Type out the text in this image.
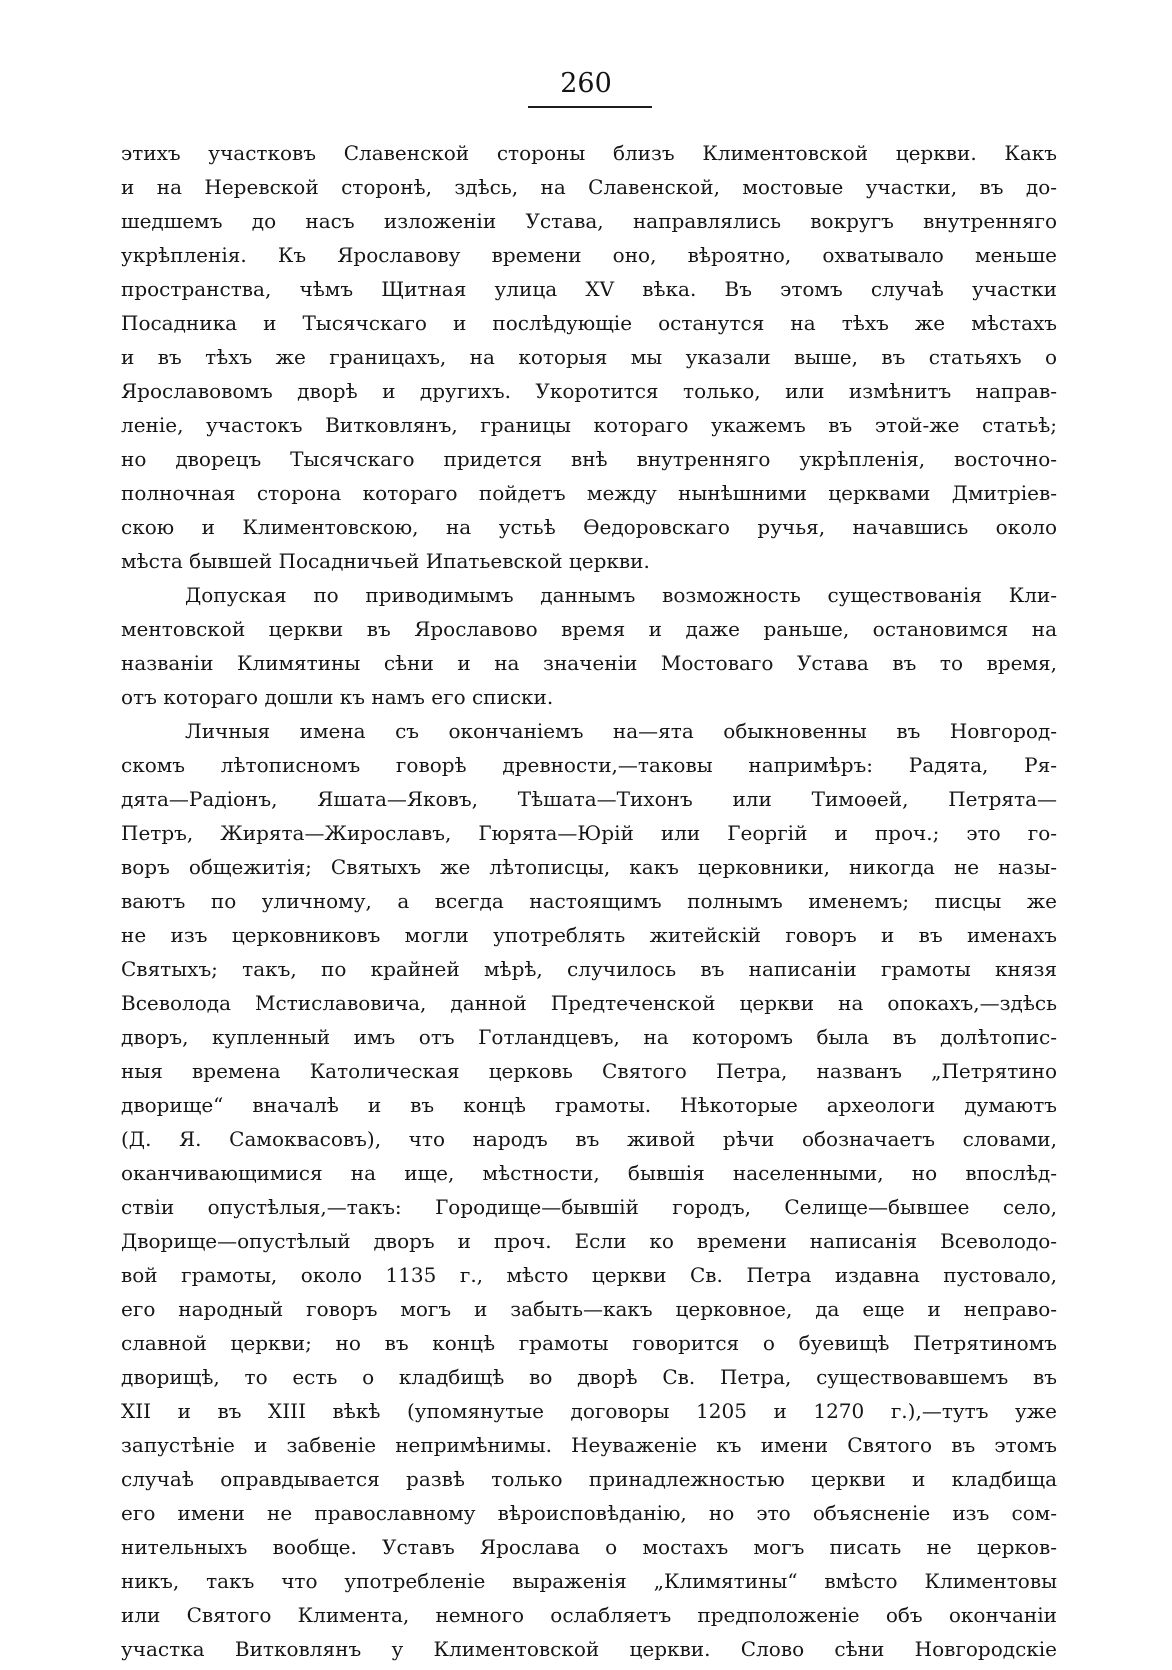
260
этихъ участковъ Славенской стороны близъ Климентовской церкви. Какъ
и на Неревской сторонѣ, здѣсь, на Славенской, мостовые участки, въ до-
шедшемъ до насъ изложеніи Устава, направлялись вокругъ внутренняго
укрѣпленія. Къ Ярославову времени оно, вѣроятно, охватывало меньше
пространства, чѣмъ Щитная улица XV вѣка. Въ этомъ случаѣ участки
Посадника и Тысячскаго и послѣдующіе останутся на тѣхъ же мѣстахъ
и въ тѣхъ же границахъ, на которыя мы указали выше, въ статьяхъ о
Ярославовомъ дворѣ и другихъ. Укоротится только, или измѣнитъ направ-
леніе, участокъ Витковлянъ, границы котораго укажемъ въ этой-же статьѣ;
но дворецъ Тысячскаго придется внѣ внутренняго укрѣпленія, восточно-
полночная сторона котораго пойдетъ между нынѣшними церквами Дмитріев-
скою и Климентовскою, на устьѣ Ѳедоровскаго ручья, начавшись около
мѣста бывшей Посадничьей Ипатьевской церкви.
Допуская по приводимымъ даннымъ возможность существованія Кли-
ментовской церкви въ Ярославово время и даже раньше, остановимся на
названіи Климятины сѣни и на значеніи Мостоваго Устава въ то время,
отъ котораго дошли къ намъ его списки.
Личныя имена съ окончаніемъ на—ята обыкновенны въ Новгород-
скомъ лѣтописномъ говорѣ древности,—таковы напримѣръ: Радята, Ря-
дята—Радіонъ, Яшата—Яковъ, Тѣшата—Тихонъ или Тимоѳей, Петрята—
Петръ, Жирята—Жирославъ, Гюрята—Юрій или Георгій и проч.; это го-
воръ общежитія; Святыхъ же лѣтописцы, какъ церковники, никогда не назы-
ваютъ по уличному, а всегда настоящимъ полнымъ именемъ; писцы же
не изъ церковниковъ могли употреблять житейскій говоръ и въ именахъ
Святыхъ; такъ, по крайней мѣрѣ, случилось въ написаніи грамоты князя
Всеволода Мстиславовича, данной Предтеченской церкви на опокахъ,—здѣсь
дворъ, купленный имъ отъ Готландцевъ, на которомъ была въ долѣтопис-
ныя времена Католическая церковь Святого Петра, названъ „Петрятино
дворище“ вначалѣ и въ концѣ грамоты. Нѣкоторые археологи думаютъ
(Д. Я. Самоквасовъ), что народъ въ живой рѣчи обозначаетъ словами,
оканчивающимися на ище, мѣстности, бывшія населенными, но впослѣд-
ствіи опустѣлыя,—такъ: Городище—бывшій городъ, Селище—бывшее село,
Дворище—опустѣлый дворъ и проч. Если ко времени написанія Всеволодо-
вой грамоты, около 1135 г., мѣсто церкви Св. Петра издавна пустовало,
его народный говоръ могъ и забыть—какъ церковное, да еще и неправо-
славной церкви; но въ концѣ грамоты говорится о буевищѣ Петрятиномъ
дворищѣ, то есть о кладбищѣ во дворѣ Св. Петра, существовавшемъ въ
XII и въ XIII вѣкѣ (упомянутые договоры 1205 и 1270 г.),—тутъ уже
запустѣніе и забвеніе непримѣнимы. Неуваженіе къ имени Святого въ этомъ
случаѣ оправдывается развѣ только принадлежностью церкви и кладбища
его имени не православному вѣроисповѣданію, но это объясненіе изъ сом-
нительныхъ вообще. Уставъ Ярослава о мостахъ могъ писать не церков-
никъ, такъ что употребленіе выраженія „Климятины“ вмѣсто Климентовы
или Святого Климента, немного ослабляетъ предположеніе объ окончаніи
участка Витковлянъ у Климентовской церкви. Слово сѣни Новгородскіе
